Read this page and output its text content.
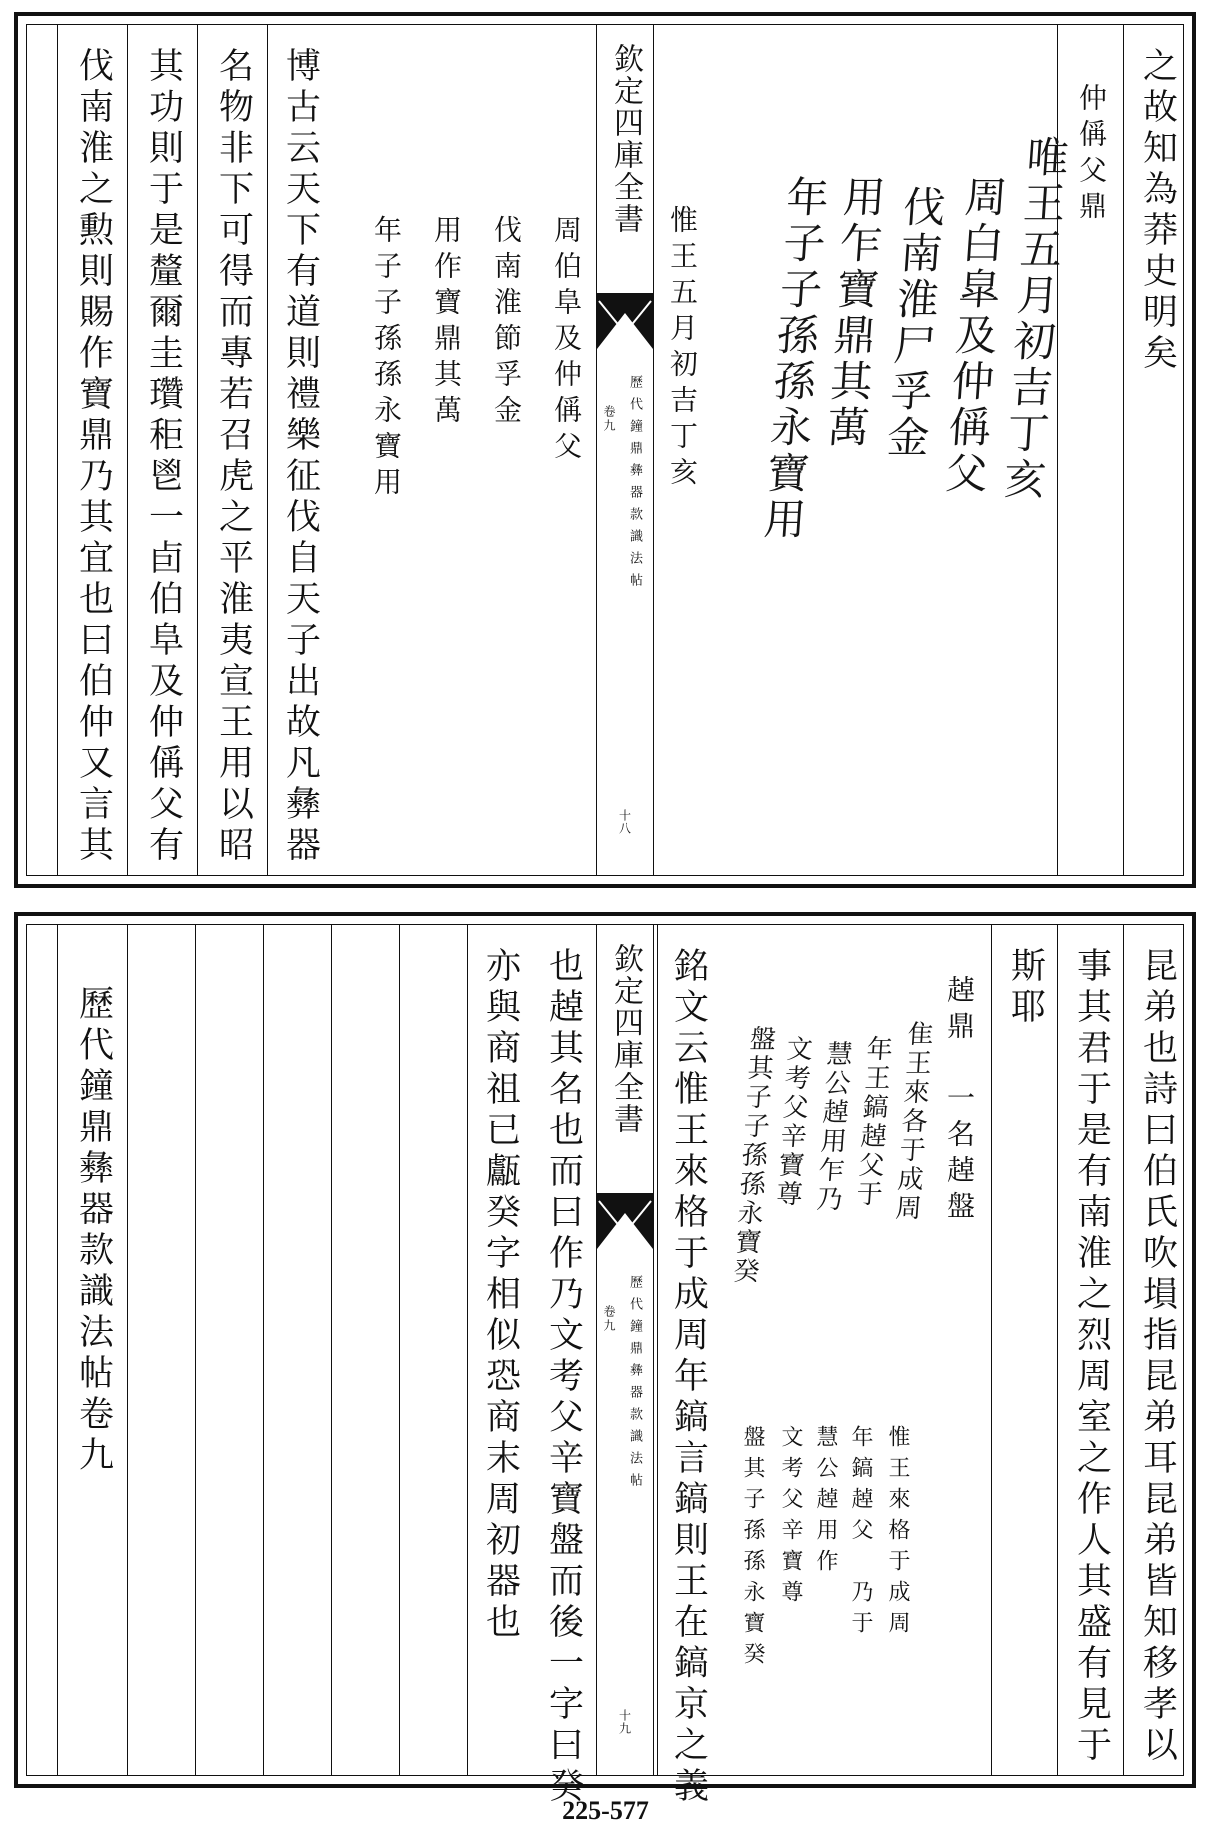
之故知為莽史明矣
仲偁父鼎
唯王五月初吉丁亥
周白皐及仲偁父
伐南淮尸孚金
用乍寶鼎其萬
年子子孫孫永寶用
惟王五月初吉丁亥
欽定四庫全書
卷九 歷代鐘鼎彝器款識法帖
十八
周伯阜及仲偁父
伐南淮節孚金
用作寶鼎其萬
年子子孫孫永寶用
博古云天下有道則禮樂征伐自天子出故凡彝器
名物非下可得而專若召虎之平淮夷宣王用以昭
其功則于是釐爾圭瓚秬鬯一卣伯阜及仲偁父有
伐南淮之勲則賜作寶鼎乃其宜也曰伯仲又言其
昆弟也詩曰伯氏吹塤指昆弟耳昆弟皆知移孝以
事其君于是有南淮之烈周室之作人其盛有見于
斯耶
趠鼎　一名趠盤
隹王來各于成周
年王鎬趠父于
慧公趠用乍乃
文考父辛寶尊
盤其子子孫孫永寶癸
惟王來格于成周
年鎬趠父　乃于
慧公趠用作
文考父辛寶尊
盤其子孫孫永寶癸
銘文云惟王來格于成周年鎬言鎬則王在鎬京之義
欽定四庫全書
卷九 歷代鐘鼎彝器款識法帖
十九
也趠其名也而曰作乃文考父辛寶盤而後一字曰癸
亦與商祖已甗癸字相似恐商末周初器也
歷代鐘鼎彝器款識法帖卷九
225-577
